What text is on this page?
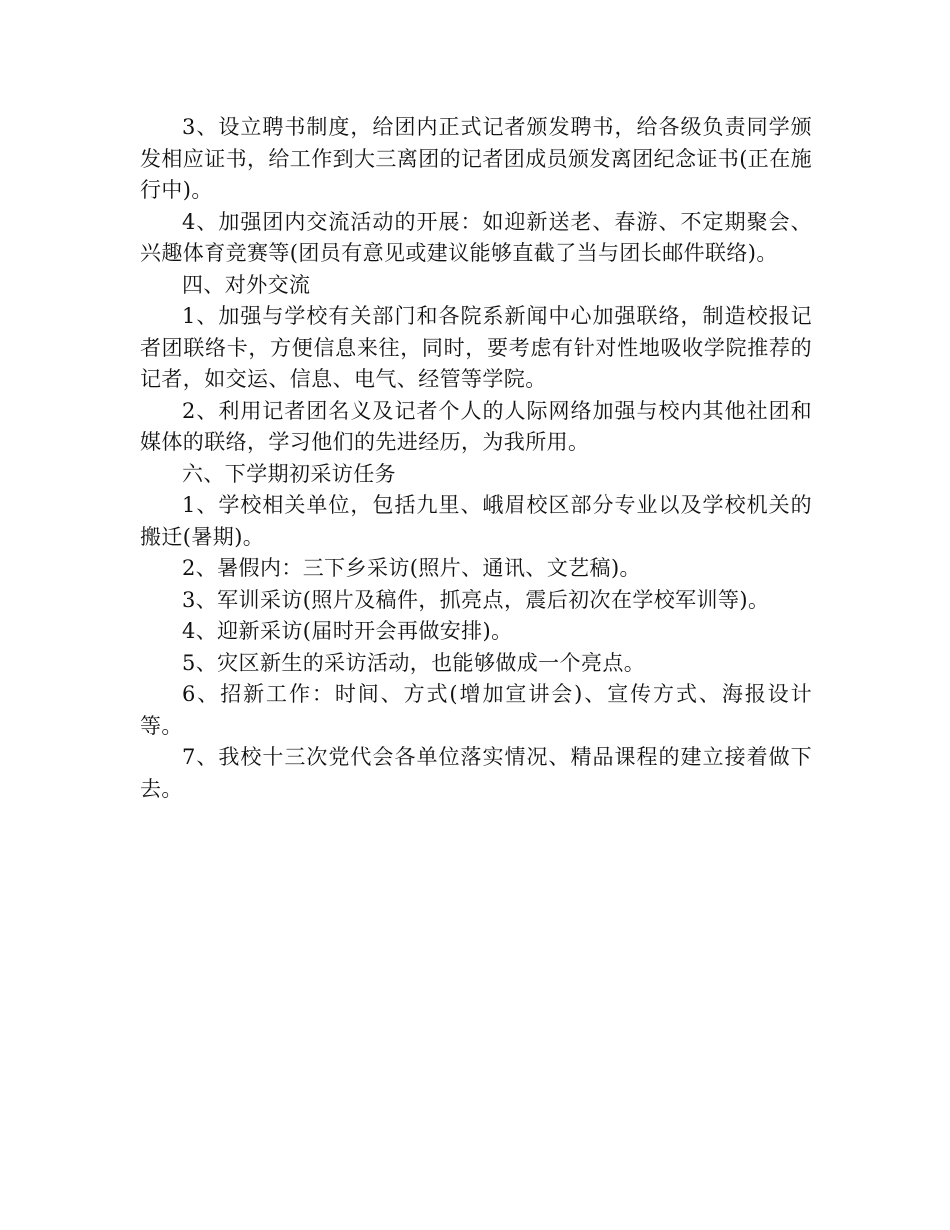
3、设立聘书制度，给团内正式记者颁发聘书，给各级负责同学颁发相应证书，给工作到大三离团的记者团成员颁发离团纪念证书(正在施行中)。

4、加强团内交流活动的开展：如迎新送老、春游、不定期聚会、兴趣体育竞赛等(团员有意见或建议能够直截了当与团长邮件联络)。

四、对外交流

1、加强与学校有关部门和各院系新闻中心加强联络，制造校报记者团联络卡，方便信息来往，同时，要考虑有针对性地吸收学院推荐的记者，如交运、信息、电气、经管等学院。

2、利用记者团名义及记者个人的人际网络加强与校内其他社团和媒体的联络，学习他们的先进经历，为我所用。

六、下学期初采访任务

1、学校相关单位，包括九里、峨眉校区部分专业以及学校机关的搬迁(暑期)。

2、暑假内：三下乡采访(照片、通讯、文艺稿)。

3、军训采访(照片及稿件，抓亮点，震后初次在学校军训等)。

4、迎新采访(届时开会再做安排)。

5、灾区新生的采访活动，也能够做成一个亮点。

6、招新工作：时间、方式(增加宣讲会)、宣传方式、海报设计等。

7、我校十三次党代会各单位落实情况、精品课程的建立接着做下去。
